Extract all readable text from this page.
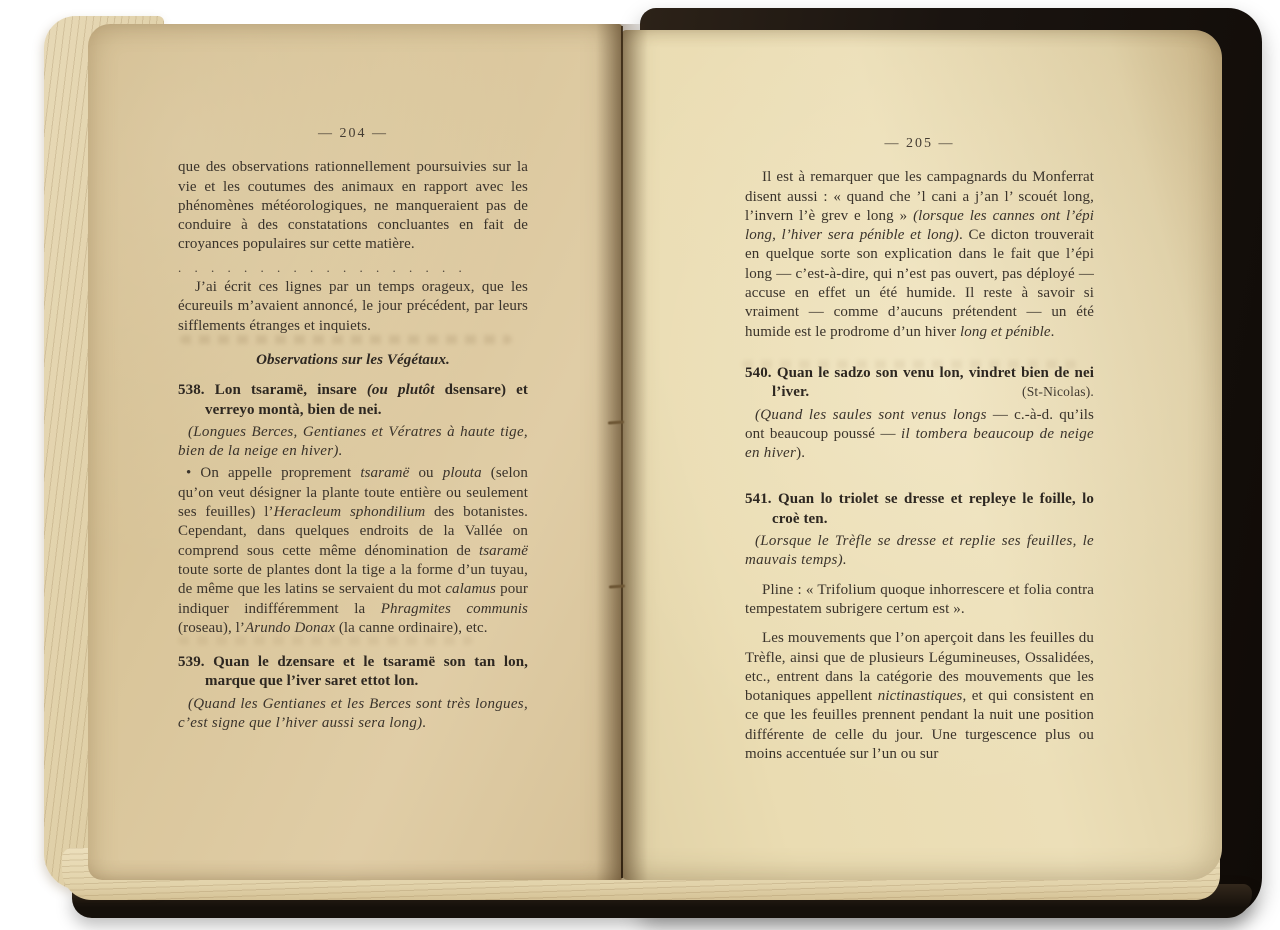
— 204 —

que des observations rationnellement poursuivies sur la vie et les coutumes des animaux en rapport avec les phénomènes météorologiques, ne manqueraient pas de conduire à des constatations concluantes en fait de croyances populaires sur cette matière.

. . . . . . . . . . . . . . . . . .

J’ai écrit ces lignes par un temps orageux, que les écureuils m’avaient annoncé, le jour précédent, par leurs sifflements étranges et inquiets.

Observations sur les Végétaux.

538. Lon tsaramë, insare (ou plutôt dsensare) et verreyo montà, bien de nei.

(Longues Berces, Gentianes et Vératres à haute tige, bien de la neige en hiver).

• On appelle proprement tsaramë ou plouta (selon qu’on veut désigner la plante toute entière ou seulement ses feuilles) l’Heracleum sphondilium des botanistes. Cependant, dans quelques endroits de la Vallée on comprend sous cette même dénomination de tsaramë toute sorte de plantes dont la tige a la forme d’un tuyau, de même que les latins se servaient du mot calamus pour indiquer indifféremment la Phragmites communis (roseau), l’Arundo Donax (la canne ordinaire), etc.

539. Quan le dzensare et le tsaramë son tan lon, marque que l’iver saret ettot lon.

(Quand les Gentianes et les Berces sont très longues, c’est signe que l’hiver aussi sera long).

— 205 —

Il est à remarquer que les campagnards du Monferrat disent aussi : « quand che ’l cani a j’an l’ scouét long, l’invern l’è grev e long » (lorsque les cannes ont l’épi long, l’hiver sera pénible et long). Ce dicton trouverait en quelque sorte son explication dans le fait que l’épi long — c’est-à-dire, qui n’est pas ouvert, pas déployé — accuse en effet un été humide. Il reste à savoir si vraiment — comme d’aucuns prétendent — un été humide est le prodrome d’un hiver long et pénible.

540. Quan le sadzo son venu lon, vindret bien de nei l’iver.	(St-Nicolas).

(Quand les saules sont venus longs — c.-à-d. qu’ils ont beaucoup poussé — il tombera beaucoup de neige en hiver).

541. Quan lo triolet se dresse et repleye le foille, lo croè ten.

(Lorsque le Trèfle se dresse et replie ses feuilles, le mauvais temps).

Pline : « Trifolium quoque inhorrescere et folia contra tempestatem subrigere certum est ».

Les mouvements que l’on aperçoit dans les feuilles du Trèfle, ainsi que de plusieurs Légumineuses, Ossalidées, etc., entrent dans la catégorie des mouvements que les botaniques appellent nictinastiques, et qui consistent en ce que les feuilles prennent pendant la nuit une position différente de celle du jour. Une turgescence plus ou moins accentuée sur l’un ou sur
